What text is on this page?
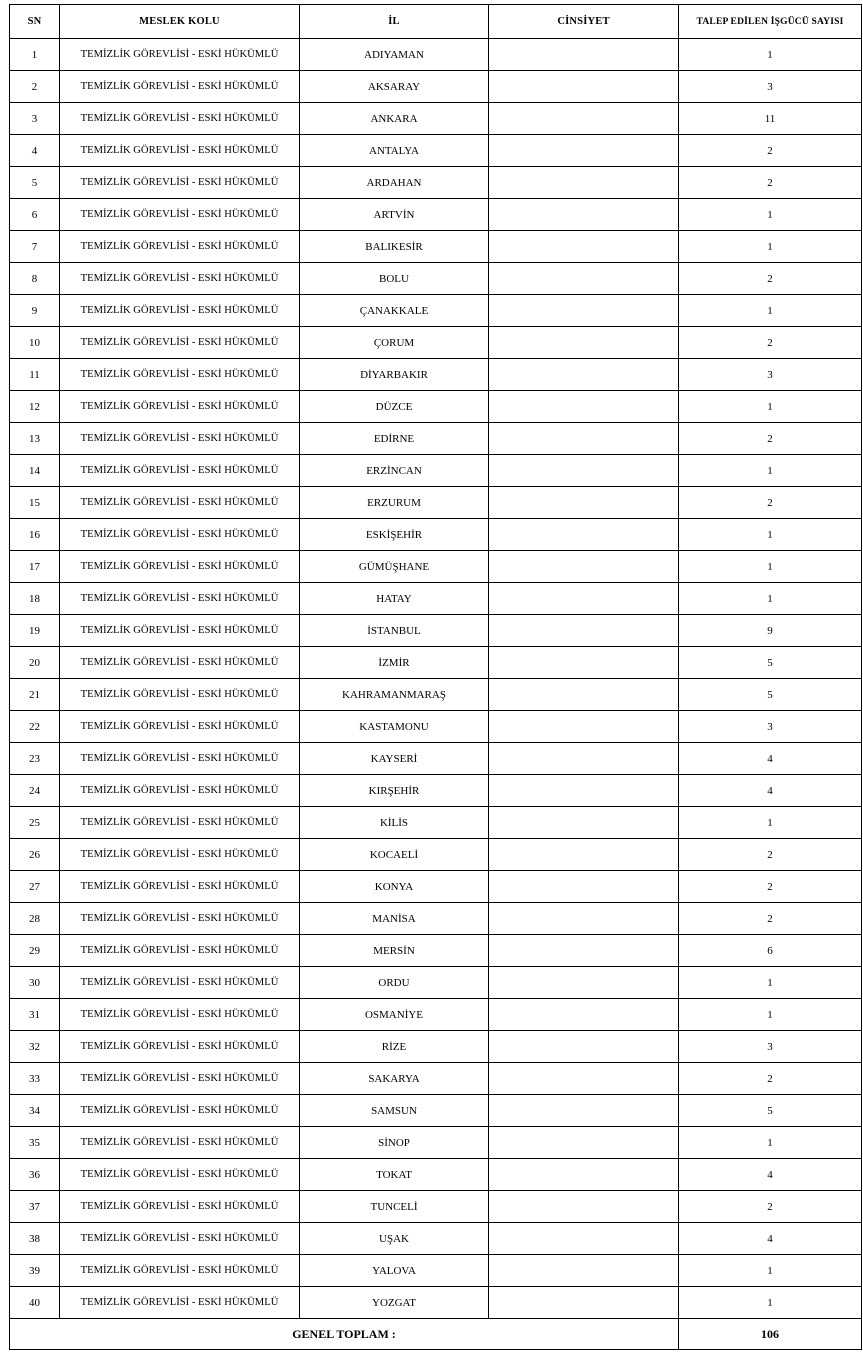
SN	MESLEK KOLU	İL	CİNSİYET	TALEP EDİLEN İŞGÜCÜ SAYISI
1	TEMİZLİK GÖREVLİSİ - ESKİ HÜKÜMLÜ	ADIYAMAN		1
2	TEMİZLİK GÖREVLİSİ - ESKİ HÜKÜMLÜ	AKSARAY		3
3	TEMİZLİK GÖREVLİSİ - ESKİ HÜKÜMLÜ	ANKARA		11
4	TEMİZLİK GÖREVLİSİ - ESKİ HÜKÜMLÜ	ANTALYA		2
5	TEMİZLİK GÖREVLİSİ - ESKİ HÜKÜMLÜ	ARDAHAN		2
6	TEMİZLİK GÖREVLİSİ - ESKİ HÜKÜMLÜ	ARTVİN		1
7	TEMİZLİK GÖREVLİSİ - ESKİ HÜKÜMLÜ	BALIKESİR		1
8	TEMİZLİK GÖREVLİSİ - ESKİ HÜKÜMLÜ	BOLU		2
9	TEMİZLİK GÖREVLİSİ - ESKİ HÜKÜMLÜ	ÇANAKKALE		1
10	TEMİZLİK GÖREVLİSİ - ESKİ HÜKÜMLÜ	ÇORUM		2
11	TEMİZLİK GÖREVLİSİ - ESKİ HÜKÜMLÜ	DİYARBAKIR		3
12	TEMİZLİK GÖREVLİSİ - ESKİ HÜKÜMLÜ	DÜZCE		1
13	TEMİZLİK GÖREVLİSİ - ESKİ HÜKÜMLÜ	EDİRNE		2
14	TEMİZLİK GÖREVLİSİ - ESKİ HÜKÜMLÜ	ERZİNCAN		1
15	TEMİZLİK GÖREVLİSİ - ESKİ HÜKÜMLÜ	ERZURUM		2
16	TEMİZLİK GÖREVLİSİ - ESKİ HÜKÜMLÜ	ESKİŞEHİR		1
17	TEMİZLİK GÖREVLİSİ - ESKİ HÜKÜMLÜ	GÜMÜŞHANE		1
18	TEMİZLİK GÖREVLİSİ - ESKİ HÜKÜMLÜ	HATAY		1
19	TEMİZLİK GÖREVLİSİ - ESKİ HÜKÜMLÜ	İSTANBUL		9
20	TEMİZLİK GÖREVLİSİ - ESKİ HÜKÜMLÜ	İZMİR		5
21	TEMİZLİK GÖREVLİSİ - ESKİ HÜKÜMLÜ	KAHRAMANMARAŞ		5
22	TEMİZLİK GÖREVLİSİ - ESKİ HÜKÜMLÜ	KASTAMONU		3
23	TEMİZLİK GÖREVLİSİ - ESKİ HÜKÜMLÜ	KAYSERİ		4
24	TEMİZLİK GÖREVLİSİ - ESKİ HÜKÜMLÜ	KIRŞEHİR		4
25	TEMİZLİK GÖREVLİSİ - ESKİ HÜKÜMLÜ	KİLİS		1
26	TEMİZLİK GÖREVLİSİ - ESKİ HÜKÜMLÜ	KOCAELİ		2
27	TEMİZLİK GÖREVLİSİ - ESKİ HÜKÜMLÜ	KONYA		2
28	TEMİZLİK GÖREVLİSİ - ESKİ HÜKÜMLÜ	MANİSA		2
29	TEMİZLİK GÖREVLİSİ - ESKİ HÜKÜMLÜ	MERSİN		6
30	TEMİZLİK GÖREVLİSİ - ESKİ HÜKÜMLÜ	ORDU		1
31	TEMİZLİK GÖREVLİSİ - ESKİ HÜKÜMLÜ	OSMANİYE		1
32	TEMİZLİK GÖREVLİSİ - ESKİ HÜKÜMLÜ	RİZE		3
33	TEMİZLİK GÖREVLİSİ - ESKİ HÜKÜMLÜ	SAKARYA		2
34	TEMİZLİK GÖREVLİSİ - ESKİ HÜKÜMLÜ	SAMSUN		5
35	TEMİZLİK GÖREVLİSİ - ESKİ HÜKÜMLÜ	SİNOP		1
36	TEMİZLİK GÖREVLİSİ - ESKİ HÜKÜMLÜ	TOKAT		4
37	TEMİZLİK GÖREVLİSİ - ESKİ HÜKÜMLÜ	TUNCELİ		2
38	TEMİZLİK GÖREVLİSİ - ESKİ HÜKÜMLÜ	UŞAK		4
39	TEMİZLİK GÖREVLİSİ - ESKİ HÜKÜMLÜ	YALOVA		1
40	TEMİZLİK GÖREVLİSİ - ESKİ HÜKÜMLÜ	YOZGAT		1
GENEL TOPLAM :				106
